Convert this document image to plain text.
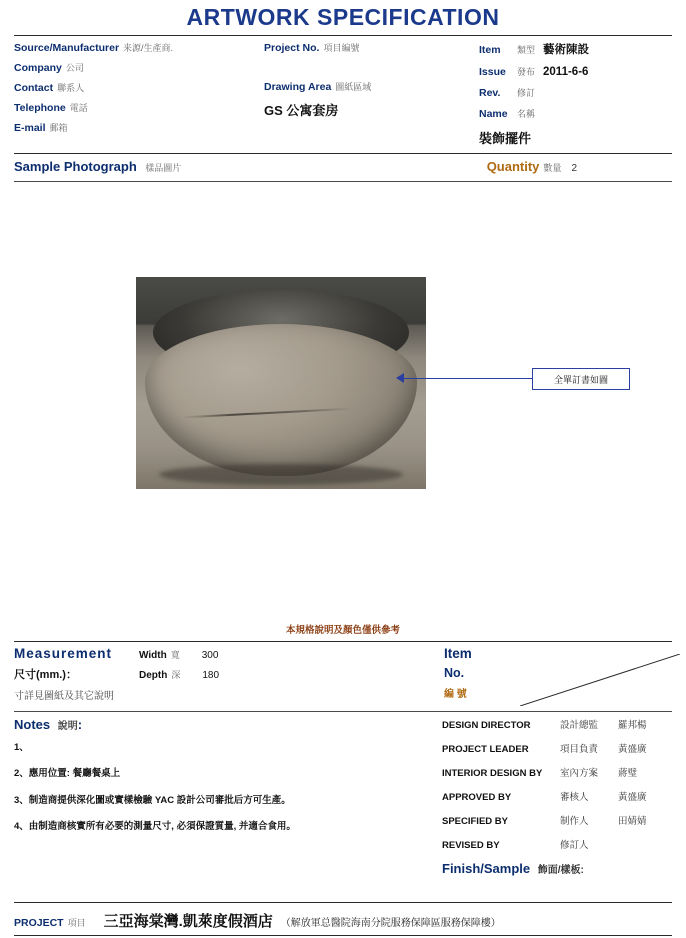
ARTWORK SPECIFICATION
Source/Manufacturer 来源/生產商.
Company 公司
Contact 聯系人
Telephone 電話
E-mail 郵箱
Project No. 項目編號
Drawing Area 圖紙區域
GS 公寓套房
Item	類型 藝術陳設
Issue	發布 2011-6-6
Rev.	修訂
Name	名稱
裝飾擺件
Sample Photograph 樣品圖片	Quantity 數量 2
全單訂書如圖
本規格說明及顏色僅供參考
Measurement	Width 寬 300
尺寸(mm.)：	Depth 深 180
寸詳見圖紙及其它說明
Item
No.
編 號
Notes 說明:
1、
2、應用位置: 餐廳餐桌上
3、制造商提供深化圖或實樣檢驗 YAC 設計公司審批后方可生產。
4、由制造商核實所有必要的測量尺寸, 必須保證質量, 并適合食用。
DESIGN DIRECTOR	設計總監	羅邦楊
PROJECT LEADER	項目負責	黃盛廣
INTERIOR DESIGN BY	室內方案	蔣璧
APPROVED BY	審核人	黃盛廣
SPECIFIED BY	制作人	田婧婧
REVISED BY	修訂人
Finish/Sample 飾面/樣板:
PROJECT 項目 三亞海棠灣.凱萊度假酒店 （解放軍总醫院海南分院服務保障區服務保障樓）
